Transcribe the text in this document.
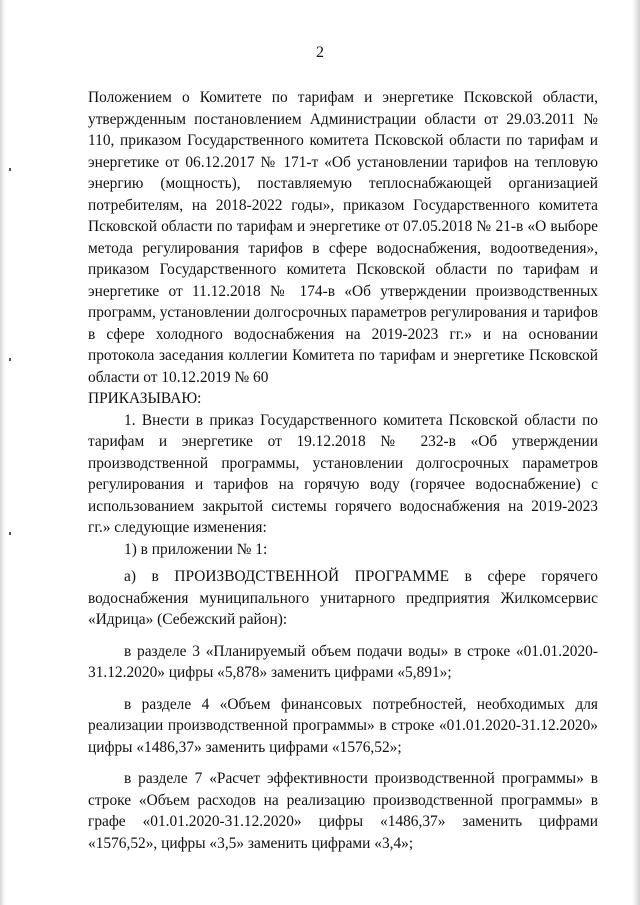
2

Положением о Комитете по тарифам и энергетике Псковской области, утвержденным постановлением Администрации области от 29.03.2011 № 110, приказом Государственного комитета Псковской области по тарифам и энергетике от 06.12.2017 № 171-т «Об установлении тарифов на тепловую энергию (мощность), поставляемую теплоснабжающей организацией потребителям, на 2018-2022 годы», приказом Государственного комитета Псковской области по тарифам и энергетике от 07.05.2018 № 21-в «О выборе метода регулирования тарифов в сфере водоснабжения, водоотведения», приказом Государственного комитета Псковской области по тарифам и энергетике от 11.12.2018 № 174-в «Об утверждении производственных программ, установлении долгосрочных параметров регулирования и тарифов в сфере холодного водоснабжения на 2019-2023 гг.» и на основании протокола заседания коллегии Комитета по тарифам и энергетике Псковской области от 10.12.2019 № 60

ПРИКАЗЫВАЮ:

1. Внести в приказ Государственного комитета Псковской области по тарифам и энергетике от 19.12.2018 № 232-в «Об утверждении производственной программы, установлении долгосрочных параметров регулирования и тарифов на горячую воду (горячее водоснабжение) с использованием закрытой системы горячего водоснабжения на 2019-2023 гг.» следующие изменения:

1) в приложении № 1:

а) в ПРОИЗВОДСТВЕННОЙ ПРОГРАММЕ в сфере горячего водоснабжения муниципального унитарного предприятия Жилкомсервис «Идрица» (Себежский район):

в разделе 3 «Планируемый объем подачи воды» в строке «01.01.2020-31.12.2020» цифры «5,878» заменить цифрами «5,891»;

в разделе 4 «Объем финансовых потребностей, необходимых для реализации производственной программы» в строке «01.01.2020-31.12.2020» цифры «1486,37» заменить цифрами «1576,52»;

в разделе 7 «Расчет эффективности производственной программы» в строке «Объем расходов на реализацию производственной программы» в графе «01.01.2020-31.12.2020» цифры «1486,37» заменить цифрами «1576,52», цифры «3,5» заменить цифрами «3,4»;
